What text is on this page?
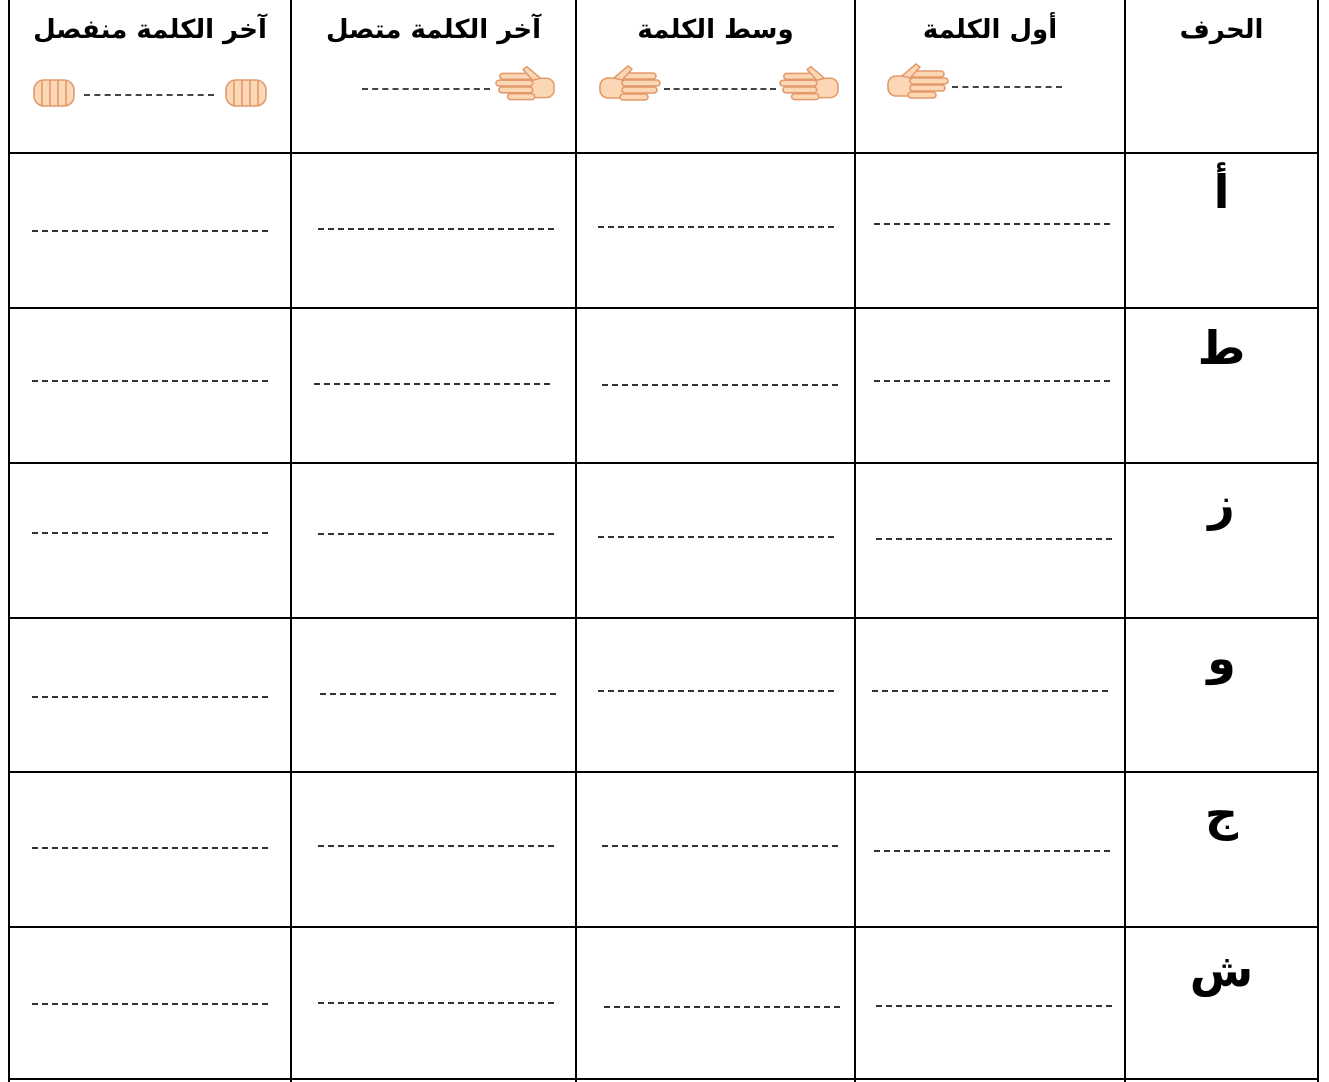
الحرف
أول الكلمة
وسط الكلمة
آخر الكلمة متصل
آخر الكلمة منفصل
أ
ط
ز
و
ج
ش
